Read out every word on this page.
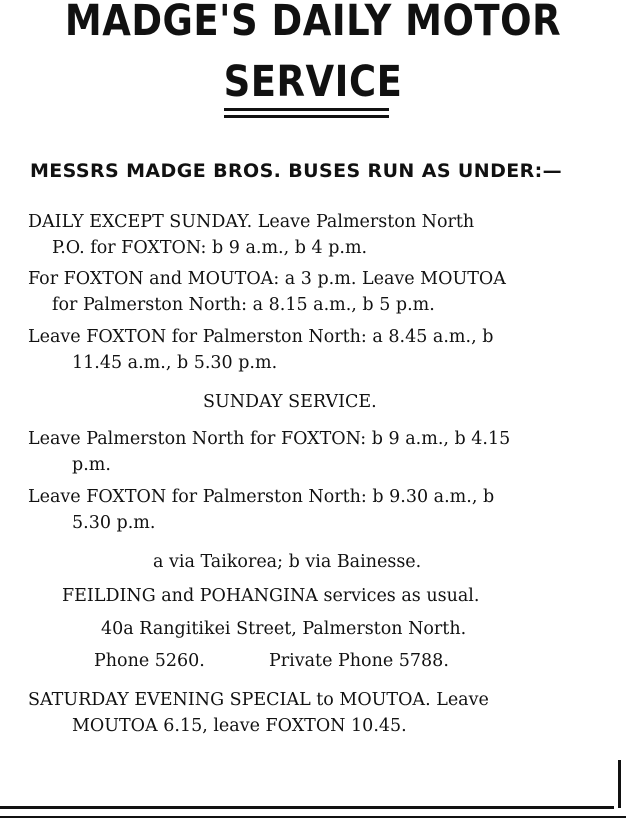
MADGE'S DAILY MOTOR
SERVICE
MESSRS MADGE BROS. BUSES RUN AS UNDER:—
DAILY EXCEPT SUNDAY. Leave Palmerston North
P.O. for FOXTON: b 9 a.m., b 4 p.m.
For FOXTON and MOUTOA: a 3 p.m. Leave MOUTOA
for Palmerston North: a 8.15 a.m., b 5 p.m.
Leave FOXTON for Palmerston North: a 8.45 a.m., b
11.45 a.m., b 5.30 p.m.
SUNDAY SERVICE.
Leave Palmerston North for FOXTON: b 9 a.m., b 4.15
p.m.
Leave FOXTON for Palmerston North: b 9.30 a.m., b
5.30 p.m.
a via Taikorea; b via Bainesse.
FEILDING and POHANGINA services as usual.
40a Rangitikei Street, Palmerston North.
Phone 5260.	Private Phone 5788.
SATURDAY EVENING SPECIAL to MOUTOA. Leave
MOUTOA 6.15, leave FOXTON 10.45.
